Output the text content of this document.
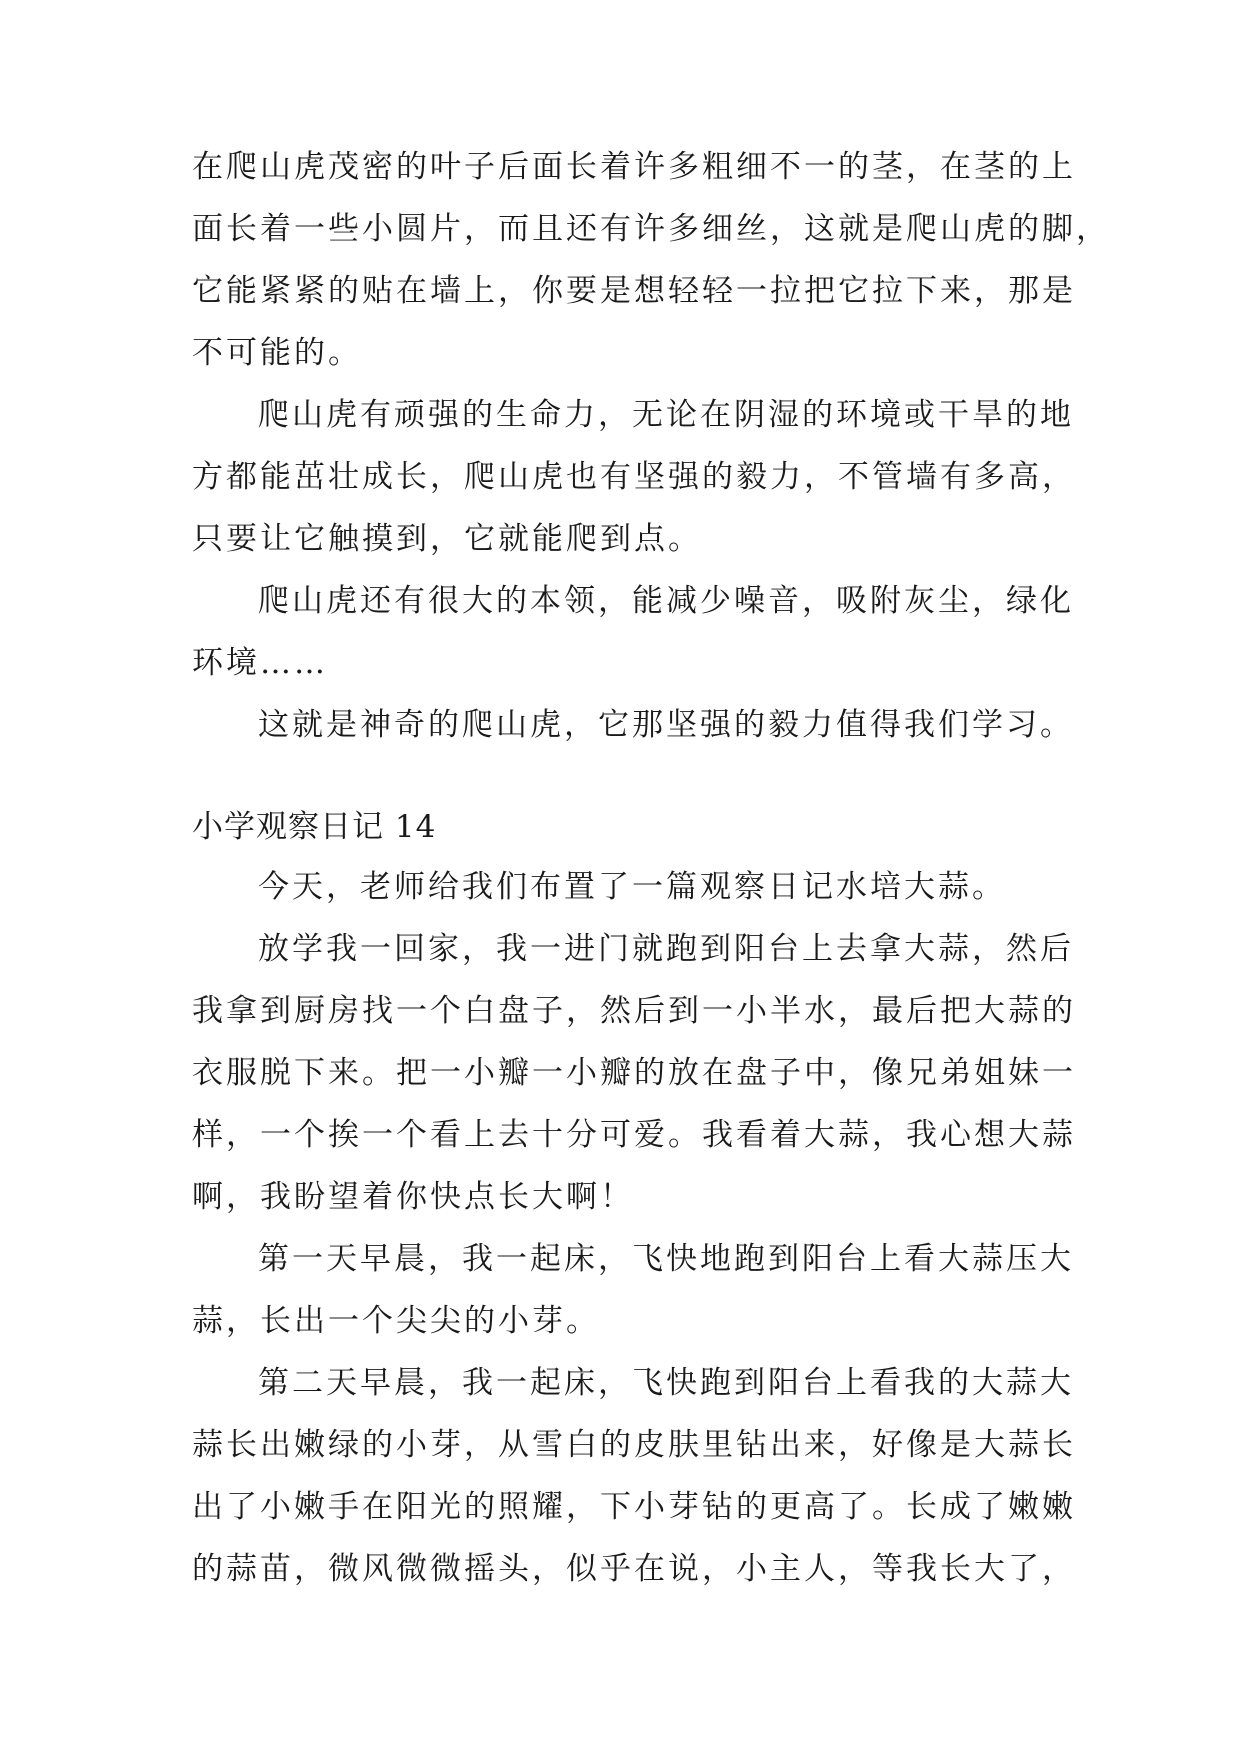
在爬山虎茂密的叶子后面长着许多粗细不一的茎，在茎的上
面长着一些小圆片，而且还有许多细丝，这就是爬山虎的脚，
它能紧紧的贴在墙上，你要是想轻轻一拉把它拉下来，那是
不可能的。
爬山虎有顽强的生命力，无论在阴湿的环境或干旱的地
方都能茁壮成长，爬山虎也有坚强的毅力，不管墙有多高，
只要让它触摸到，它就能爬到点。
爬山虎还有很大的本领，能减少噪音，吸附灰尘，绿化
环境……
这就是神奇的爬山虎，它那坚强的毅力值得我们学习。
小学观察日记 14
今天，老师给我们布置了一篇观察日记水培大蒜。
放学我一回家，我一进门就跑到阳台上去拿大蒜，然后
我拿到厨房找一个白盘子，然后到一小半水，最后把大蒜的
衣服脱下来。把一小瓣一小瓣的放在盘子中，像兄弟姐妹一
样，一个挨一个看上去十分可爱。我看着大蒜，我心想大蒜
啊，我盼望着你快点长大啊！
第一天早晨，我一起床，飞快地跑到阳台上看大蒜压大
蒜，长出一个尖尖的小芽。
第二天早晨，我一起床，飞快跑到阳台上看我的大蒜大
蒜长出嫩绿的小芽，从雪白的皮肤里钻出来，好像是大蒜长
出了小嫩手在阳光的照耀，下小芽钻的更高了。长成了嫩嫩
的蒜苗，微风微微摇头，似乎在说，小主人，等我长大了，
